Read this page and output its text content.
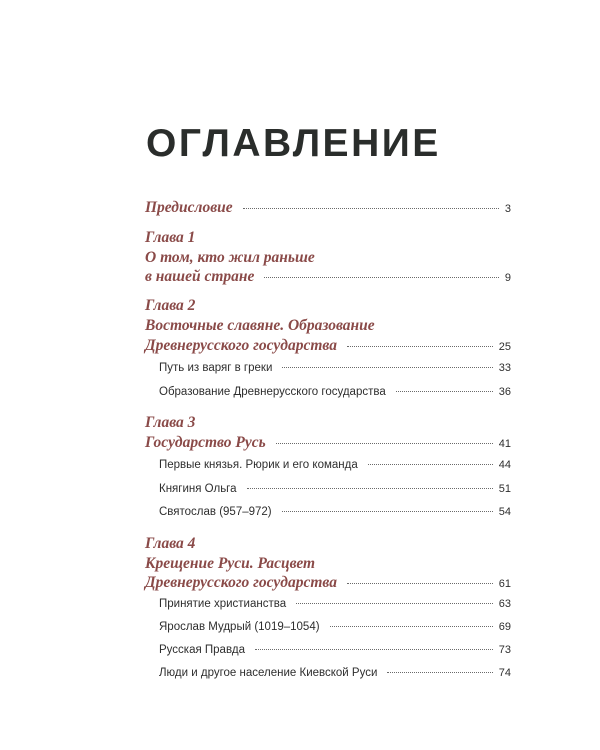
ОГЛАВЛЕНИЕ
Предисловие	3
Глава 1
О том, кто жил раньше
в нашей стране	9
Глава 2
Восточные славяне. Образование
Древнерусского государства	25
Путь из варяг в греки	33
Образование Древнерусского государства	36
Глава 3
Государство Русь	41
Первые князья. Рюрик и его команда	44
Княгиня Ольга	51
Святослав (957–972)	54
Глава 4
Крещение Руси. Расцвет
Древнерусского государства	61
Принятие христианства	63
Ярослав Мудрый (1019–1054)	69
Русская Правда	73
Люди и другое население Киевской Руси	74
